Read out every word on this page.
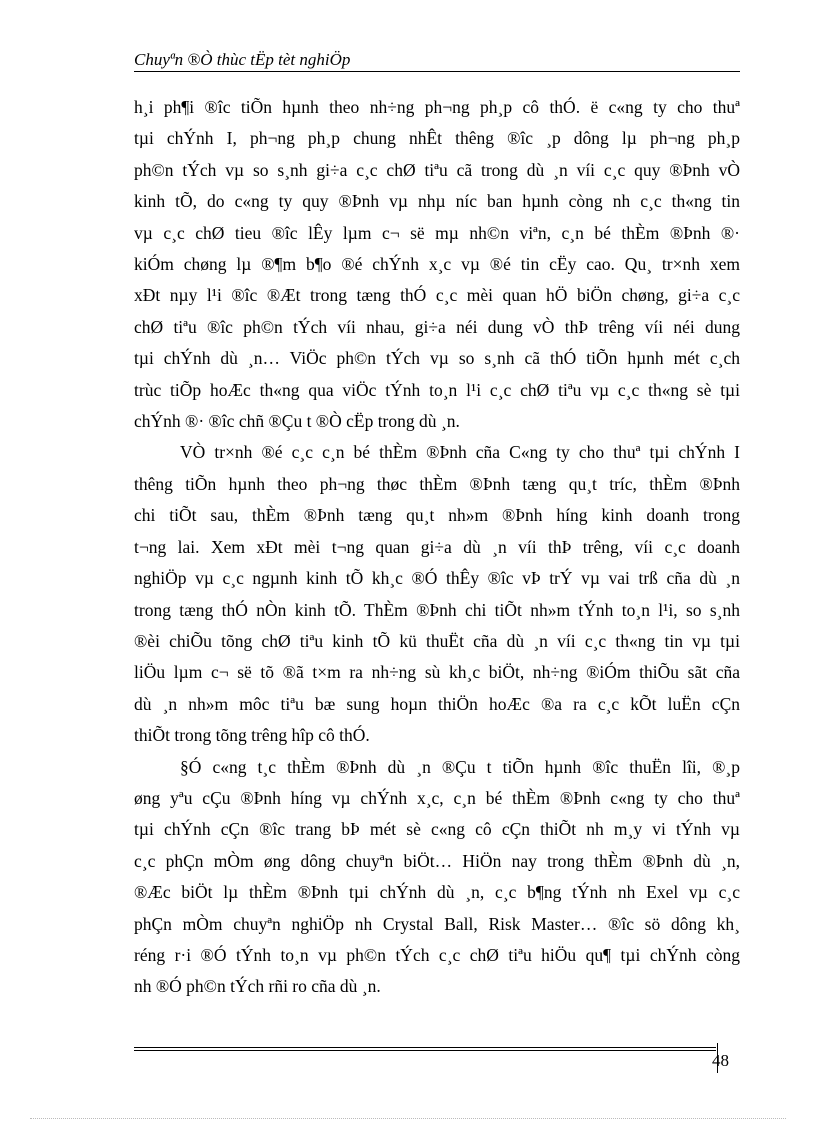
Chuyªn ®Ò thùc tËp tèt nghiÖp
h¸i ph¶i ®îc tiÕn hµnh theo nh÷ng ph¬ng ph¸p cô thÓ. ë c«ng ty cho thuª
tµi chÝnh I, ph¬ng ph¸p chung nhÊt thêng ®îc ¸p dông lµ ph¬ng ph¸p
ph©n tÝch vµ so s¸nh gi÷a c¸c chØ tiªu cã trong dù ¸n víi c¸c quy ®Þnh vÒ
kinh tÕ, do c«ng ty quy ®Þnh vµ nhµ níc ban hµnh còng nh c¸c th«ng tin
vµ c¸c chØ tieu ®îc lÊy lµm c¬ së mµ nh©n viªn, c¸n bé thÈm ®Þnh ®·
kiÓm chøng lµ ®¶m b¶o ®é chÝnh x¸c vµ ®é tin cËy cao. Qu¸ tr×nh xem
xÐt nµy l¹i ®îc ®Æt trong tæng thÓ c¸c mèi quan hÖ biÖn chøng, gi÷a c¸c
chØ tiªu ®îc ph©n tÝch víi nhau, gi÷a néi dung vÒ thÞ trêng víi néi dung
tµi chÝnh dù ¸n… ViÖc ph©n tÝch vµ so s¸nh cã thÓ tiÕn hµnh mét c¸ch
trùc tiÕp hoÆc th«ng qua viÖc tÝnh to¸n l¹i c¸c chØ tiªu vµ c¸c th«ng sè tµi
chÝnh ®· ®îc chñ ®Çu t ®Ò cËp trong dù ¸n.
VÒ tr×nh ®é c¸c c¸n bé thÈm ®Þnh cña C«ng ty cho thuª tµi chÝnh I
thêng tiÕn hµnh theo ph¬ng thøc thÈm ®Þnh tæng qu¸t tríc, thÈm ®Þnh
chi tiÕt sau, thÈm ®Þnh tæng qu¸t nh»m ®Þnh híng kinh doanh trong
t¬ng lai. Xem xÐt mèi t¬ng quan gi÷a dù ¸n víi thÞ trêng, víi c¸c doanh
nghiÖp vµ c¸c ngµnh kinh tÕ kh¸c ®Ó thÊy ®îc vÞ trÝ vµ vai trß cña dù ¸n
trong tæng thÓ nÒn kinh tÕ. ThÈm ®Þnh chi tiÕt nh»m tÝnh to¸n l¹i, so s¸nh
®èi chiÕu tõng chØ tiªu kinh tÕ kü thuËt cña dù ¸n víi c¸c th«ng tin vµ tµi
liÖu lµm c¬ së tõ ®ã t×m ra nh÷ng sù kh¸c biÖt, nh÷ng ®iÓm thiÕu sãt cña
dù ¸n nh»m môc tiªu bæ sung hoµn thiÖn hoÆc ®a ra c¸c kÕt luËn cÇn
thiÕt trong tõng trêng hîp cô thÓ.
§Ó c«ng t¸c thÈm ®Þnh dù ¸n ®Çu t tiÕn hµnh ®îc thuËn lîi, ®¸p
øng yªu cÇu ®Þnh híng vµ chÝnh x¸c, c¸n bé thÈm ®Þnh c«ng ty cho thuª
tµi chÝnh cÇn ®îc trang bÞ mét sè c«ng cô cÇn thiÕt nh m¸y vi tÝnh vµ
c¸c phÇn mÒm øng dông chuyªn biÖt… HiÖn nay trong thÈm ®Þnh dù ¸n,
®Æc biÖt lµ thÈm ®Þnh tµi chÝnh dù ¸n, c¸c b¶ng tÝnh nh Exel vµ c¸c
phÇn mÒm chuyªn nghiÖp nh Crystal Ball, Risk Master… ®îc sö dông kh¸
réng r·i ®Ó tÝnh to¸n vµ ph©n tÝch c¸c chØ tiªu hiÖu qu¶ tµi chÝnh còng
nh ®Ó ph©n tÝch rñi ro cña dù ¸n.
48
